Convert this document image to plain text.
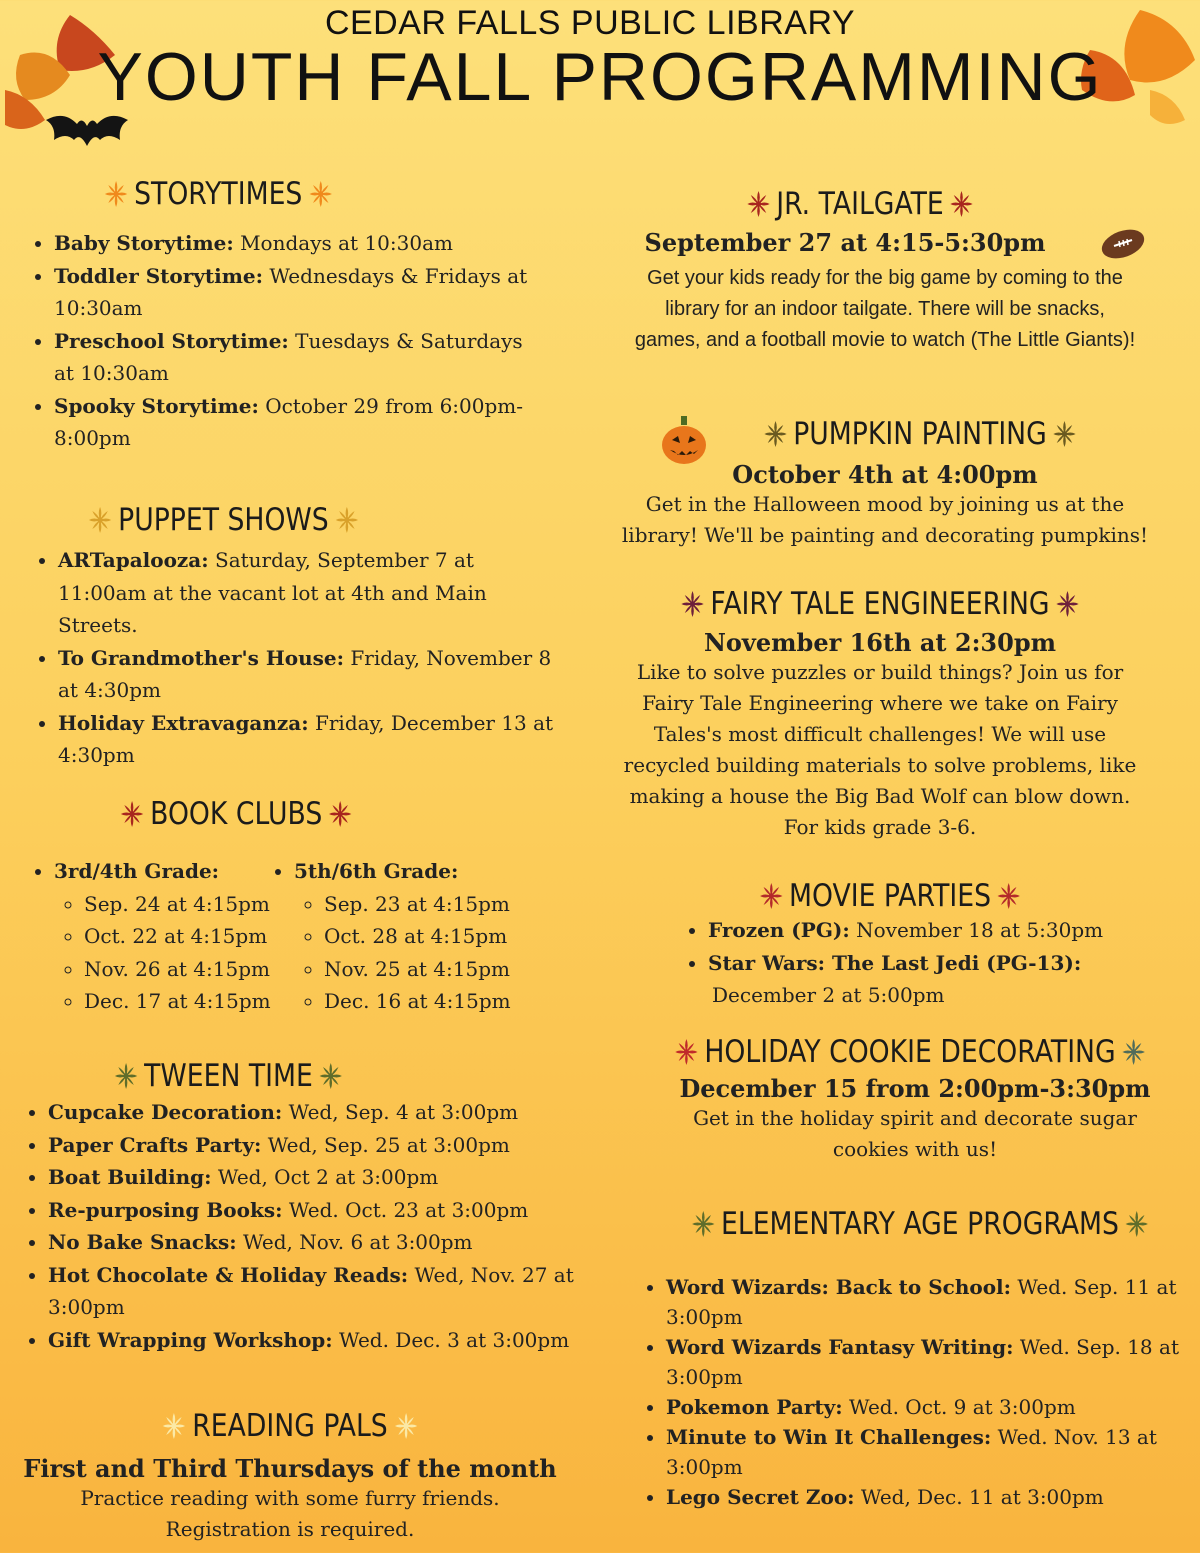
CEDAR FALLS PUBLIC LIBRARY
YOUTH FALL PROGRAMMING
STORYTIMES
• Baby Storytime: Mondays at 10:30am
• Toddler Storytime: Wednesdays & Fridays at 10:30am
• Preschool Storytime: Tuesdays & Saturdays at 10:30am
• Spooky Storytime: October 29 from 6:00pm-8:00pm
PUPPET SHOWS
• ARTapalooza: Saturday, September 7 at 11:00am at the vacant lot at 4th and Main Streets.
• To Grandmother's House: Friday, November 8 at 4:30pm
• Holiday Extravaganza: Friday, December 13 at 4:30pm
BOOK CLUBS
• 3rd/4th Grade:
◦ Sep. 24 at 4:15pm
◦ Oct. 22 at 4:15pm
◦ Nov. 26 at 4:15pm
◦ Dec. 17 at 4:15pm
• 5th/6th Grade:
◦ Sep. 23 at 4:15pm
◦ Oct. 28 at 4:15pm
◦ Nov. 25 at 4:15pm
◦ Dec. 16 at 4:15pm
TWEEN TIME
• Cupcake Decoration: Wed, Sep. 4 at 3:00pm
• Paper Crafts Party: Wed, Sep. 25 at 3:00pm
• Boat Building: Wed, Oct 2 at 3:00pm
• Re-purposing Books: Wed. Oct. 23 at 3:00pm
• No Bake Snacks: Wed, Nov. 6 at 3:00pm
• Hot Chocolate & Holiday Reads: Wed, Nov. 27 at 3:00pm
• Gift Wrapping Workshop: Wed. Dec. 3 at 3:00pm
READING PALS
First and Third Thursdays of the month
Practice reading with some furry friends.
Registration is required.
JR. TAILGATE
September 27 at 4:15-5:30pm
Get your kids ready for the big game by coming to the
library for an indoor tailgate. There will be snacks,
games, and a football movie to watch (The Little Giants)!
PUMPKIN PAINTING
October 4th at 4:00pm
Get in the Halloween mood by joining us at the
library! We'll be painting and decorating pumpkins!
FAIRY TALE ENGINEERING
November 16th at 2:30pm
Like to solve puzzles or build things? Join us for
Fairy Tale Engineering where we take on Fairy
Tales's most difficult challenges! We will use
recycled building materials to solve problems, like
making a house the Big Bad Wolf can blow down.
For kids grade 3-6.
MOVIE PARTIES
• Frozen (PG): November 18 at 5:30pm
• Star Wars: The Last Jedi (PG-13):
December 2 at 5:00pm
HOLIDAY COOKIE DECORATING
December 15 from 2:00pm-3:30pm
Get in the holiday spirit and decorate sugar
cookies with us!
ELEMENTARY AGE PROGRAMS
• Word Wizards: Back to School: Wed. Sep. 11 at 3:00pm
• Word Wizards Fantasy Writing: Wed. Sep. 18 at 3:00pm
• Pokemon Party: Wed. Oct. 9 at 3:00pm
• Minute to Win It Challenges: Wed. Nov. 13 at 3:00pm
• Lego Secret Zoo: Wed, Dec. 11 at 3:00pm
